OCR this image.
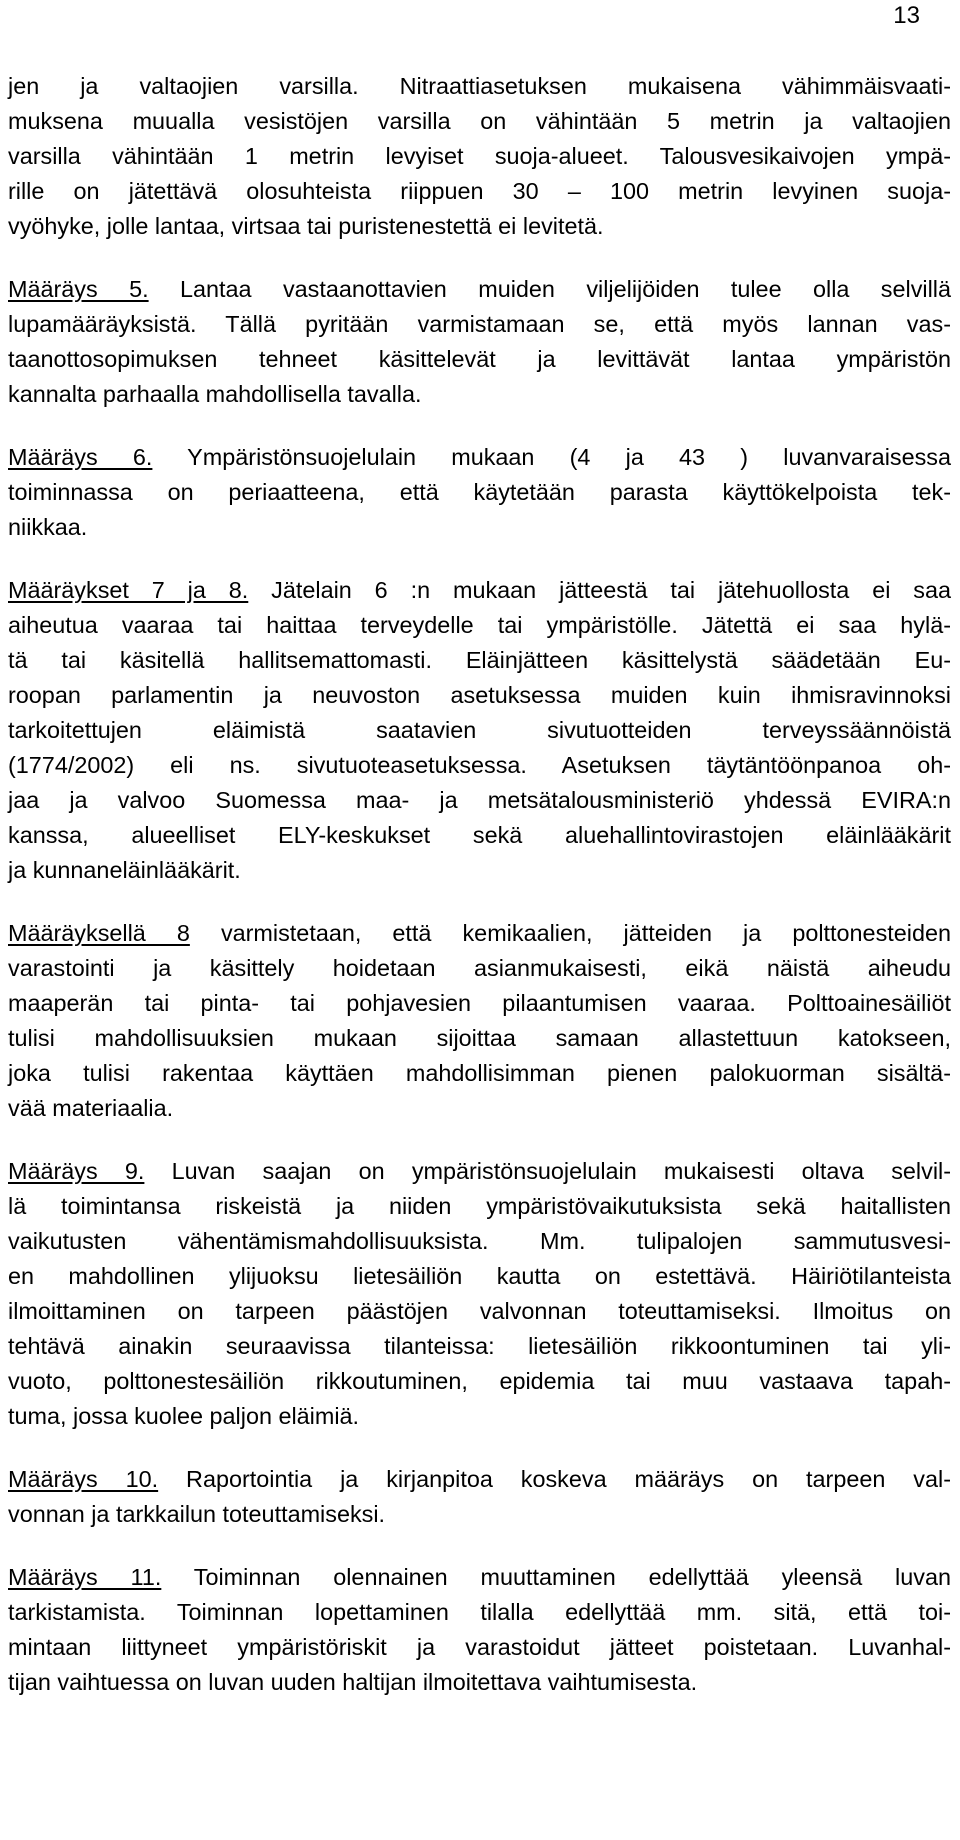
13
jen ja valtaojien varsilla. Nitraattiasetuksen mukaisena vähimmäisvaati-
muksena muualla vesistöjen varsilla on vähintään 5 metrin ja valtaojien
varsilla vähintään 1 metrin levyiset suoja-alueet. Talousvesikaivojen ympä-
rille on jätettävä olosuhteista riippuen 30 – 100 metrin levyinen suoja-
vyöhyke, jolle lantaa, virtsaa tai puristenestettä ei levitetä.
Määräys 5. Lantaa vastaanottavien muiden viljelijöiden tulee olla selvillä
lupamääräyksistä. Tällä pyritään varmistamaan se, että myös lannan vas-
taanottosopimuksen tehneet käsittelevät ja levittävät lantaa ympäristön
kannalta parhaalla mahdollisella tavalla.
Määräys 6. Ympäristönsuojelulain mukaan (4 ja 43 ) luvanvaraisessa
toiminnassa on periaatteena, että käytetään parasta käyttökelpoista tek-
niikkaa.
Määräykset 7 ja 8. Jätelain 6 :n mukaan jätteestä tai jätehuollosta ei saa
aiheutua vaaraa tai haittaa terveydelle tai ympäristölle. Jätettä ei saa hylä-
tä tai käsitellä hallitsemattomasti. Eläinjätteen käsittelystä säädetään Eu-
roopan parlamentin ja neuvoston asetuksessa muiden kuin ihmisravinnoksi
tarkoitettujen eläimistä saatavien sivutuotteiden terveyssäännöistä
(1774/2002) eli ns. sivutuoteasetuksessa. Asetuksen täytäntöönpanoa oh-
jaa ja valvoo Suomessa maa- ja metsätalousministeriö yhdessä EVIRA:n
kanssa, alueelliset ELY-keskukset sekä aluehallintovirastojen eläinlääkärit
ja kunnaneläinlääkärit.
Määräyksellä 8 varmistetaan, että kemikaalien, jätteiden ja polttonesteiden
varastointi ja käsittely hoidetaan asianmukaisesti, eikä näistä aiheudu
maaperän tai pinta- tai pohjavesien pilaantumisen vaaraa. Polttoainesäiliöt
tulisi mahdollisuuksien mukaan sijoittaa samaan allastettuun katokseen,
joka tulisi rakentaa käyttäen mahdollisimman pienen palokuorman sisältä-
vää materiaalia.
Määräys 9. Luvan saajan on ympäristönsuojelulain mukaisesti oltava selvil-
lä toimintansa riskeistä ja niiden ympäristövaikutuksista sekä haitallisten
vaikutusten vähentämismahdollisuuksista. Mm. tulipalojen sammutusvesi-
en mahdollinen ylijuoksu lietesäiliön kautta on estettävä. Häiriötilanteista
ilmoittaminen on tarpeen päästöjen valvonnan toteuttamiseksi. Ilmoitus on
tehtävä ainakin seuraavissa tilanteissa: lietesäiliön rikkoontuminen tai yli-
vuoto, polttonestesäiliön rikkoutuminen, epidemia tai muu vastaava tapah-
tuma, jossa kuolee paljon eläimiä.
Määräys 10. Raportointia ja kirjanpitoa koskeva määräys on tarpeen val-
vonnan ja tarkkailun toteuttamiseksi.
Määräys 11. Toiminnan olennainen muuttaminen edellyttää yleensä luvan
tarkistamista. Toiminnan lopettaminen tilalla edellyttää mm. sitä, että toi-
mintaan liittyneet ympäristöriskit ja varastoidut jätteet poistetaan. Luvanhal-
tijan vaihtuessa on luvan uuden haltijan ilmoitettava vaihtumisesta.
